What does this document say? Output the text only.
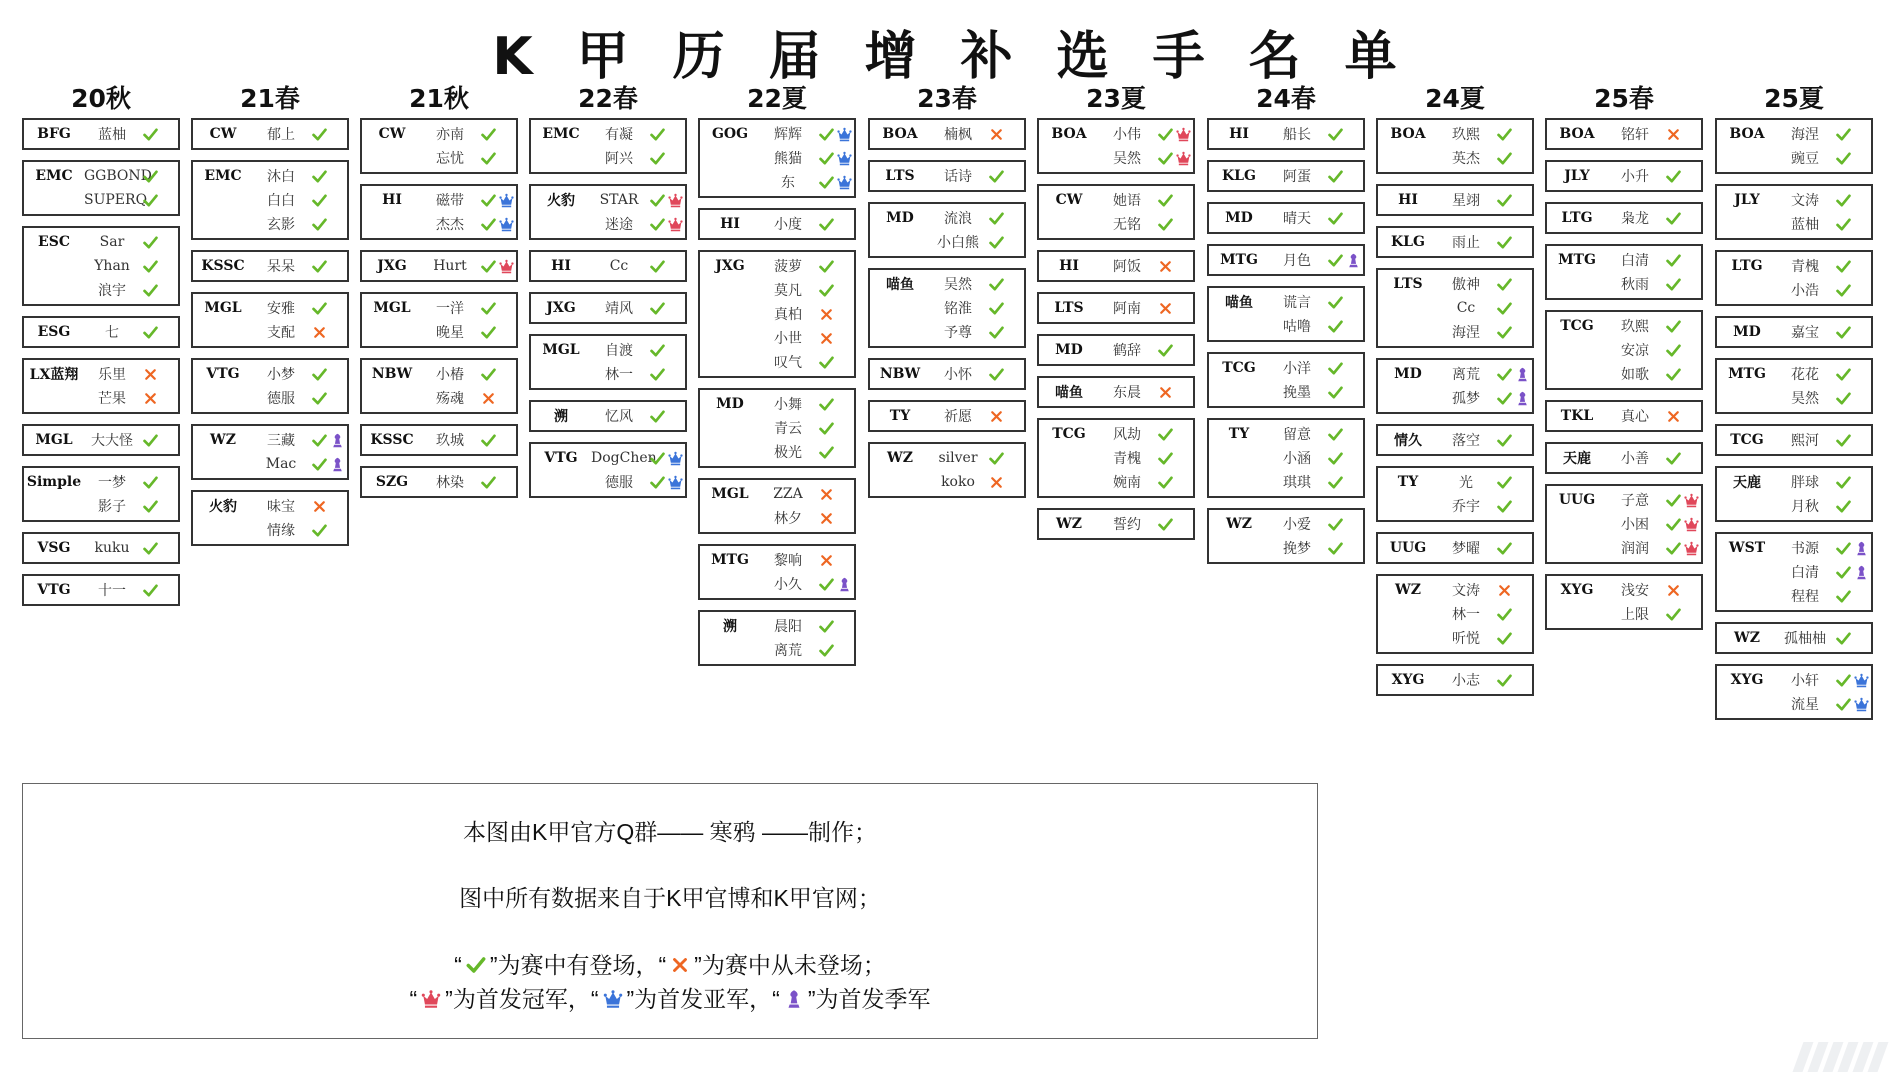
K甲历届增补选手名单
20秋
BFG	蓝柚
EMC GGBOND
SUPERQ
ESC	Sar
Yhan
浪宇
ESG	七
LX蓝翔	乐里
芒果
MGL	大大怪
Simple	一梦
影子
VSG	kuku
VTG	十一
21春
CW	郁上
EMC	沐白
白白
玄影
KSSC	呆呆
MGL	安雅
支配
VTG	小梦
德服
WZ	三藏
Mac
火豹	味宝
情缘
21秋
CW	亦南
忘忧
HI	磁带
杰杰
JXG	Hurt
MGL	一洋
晚星
NBW	小椿
殇魂
KSSC	玖城
SZG	林染
22春
EMC	有凝
阿兴
火豹	STAR
迷途
HI	Cc
JXG	靖风
MGL	自渡
林一
溯	忆风
VTG DogChen
德服
22夏
GOG	辉辉
熊猫
东
HI	小度
JXG	菠萝
莫凡
真柏
小世
叹气
MD	小舞
青云
极光
MGL	ZZA
林夕
MTG	黎响
小久
溯	晨阳
离荒
23春
BOA	楠枫
LTS	话诗
MD	流浪
小白熊
喵鱼	吴然
铭淮
予尊
NBW	小怀
TY	祈愿
WZ	silver
koko
23夏
BOA	小伟
吴然
CW	她语
无铭
HI	阿饭
LTS	阿南
MD	鹤辞
喵鱼	东晨
TCG	风劫
青槐
婉南
WZ	誓约
24春
HI	船长
KLG	阿蛋
MD	晴天
MTG	月色
喵鱼	谎言
咕噜
TCG	小洋
挽墨
TY	留意
小涵
琪琪
WZ	小爱
挽梦
24夏
BOA	玖熙
英杰
HI	星翊
KLG	雨止
LTS	傲神
Cc
海涅
MD	离荒
孤梦
情久	落空
TY	光
乔宇
UUG	梦曜
WZ	文涛
林一
听悦
XYG	小志
25春
BOA	铭轩
JLY	小升
LTG	枭龙
MTG	白清
秋雨
TCG	玖熙
安凉
如歌
TKL	真心
天鹿	小善
UUG	子意
小困
润润
XYG	浅安
上限
25夏
BOA	海涅
豌豆
JLY	文涛
蓝柚
LTG	青槐
小浩
MD	嘉宝
MTG	花花
昊然
TCG	熙河
天鹿	胖球
月秋
WST	书源
白清
程程
WZ	孤柚柚
XYG	小轩
流星
本图由K甲官方Q群—— 寒鸦 ——制作；
图中所有数据来自于K甲官博和K甲官网；
“ ”为赛中有登场，“ ”为赛中从未登场；
“ ”为首发冠军，“ ”为首发亚军，“ ”为首发季军
